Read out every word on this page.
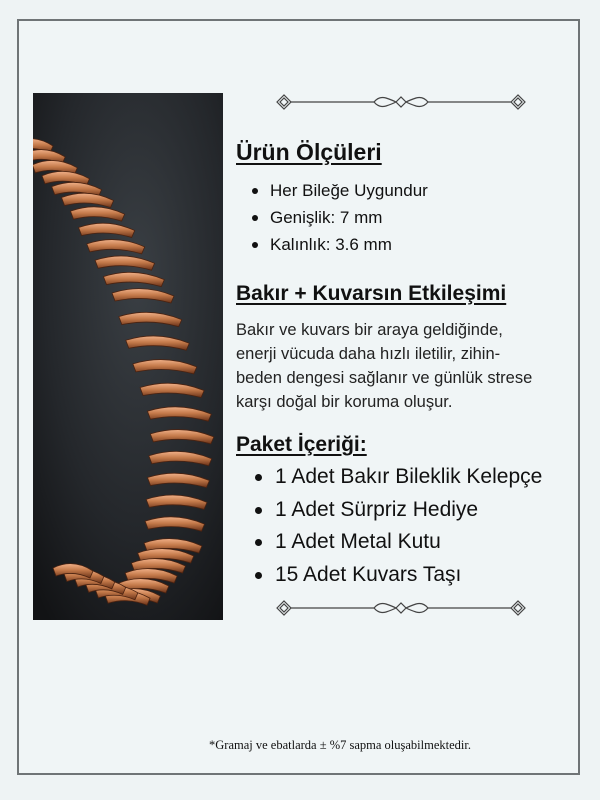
Ürün Ölçüleri
Her Bileğe Uygundur
Genişlik: 7 mm
Kalınlık: 3.6 mm
Bakır + Kuvarsın Etkileşimi

Bakır ve kuvars bir araya geldiğinde,
enerji vücuda daha hızlı iletilir, zihin-
beden dengesi sağlanır ve günlük strese
karşı doğal bir koruma oluşur.

Paket İçeriği:
1 Adet Bakır Bileklik Kelepçe
1 Adet Sürpriz Hediye
1 Adet Metal Kutu
15 Adet Kuvars Taşı

*Gramaj ve ebatlarda ± %7 sapma oluşabilmektedir.
